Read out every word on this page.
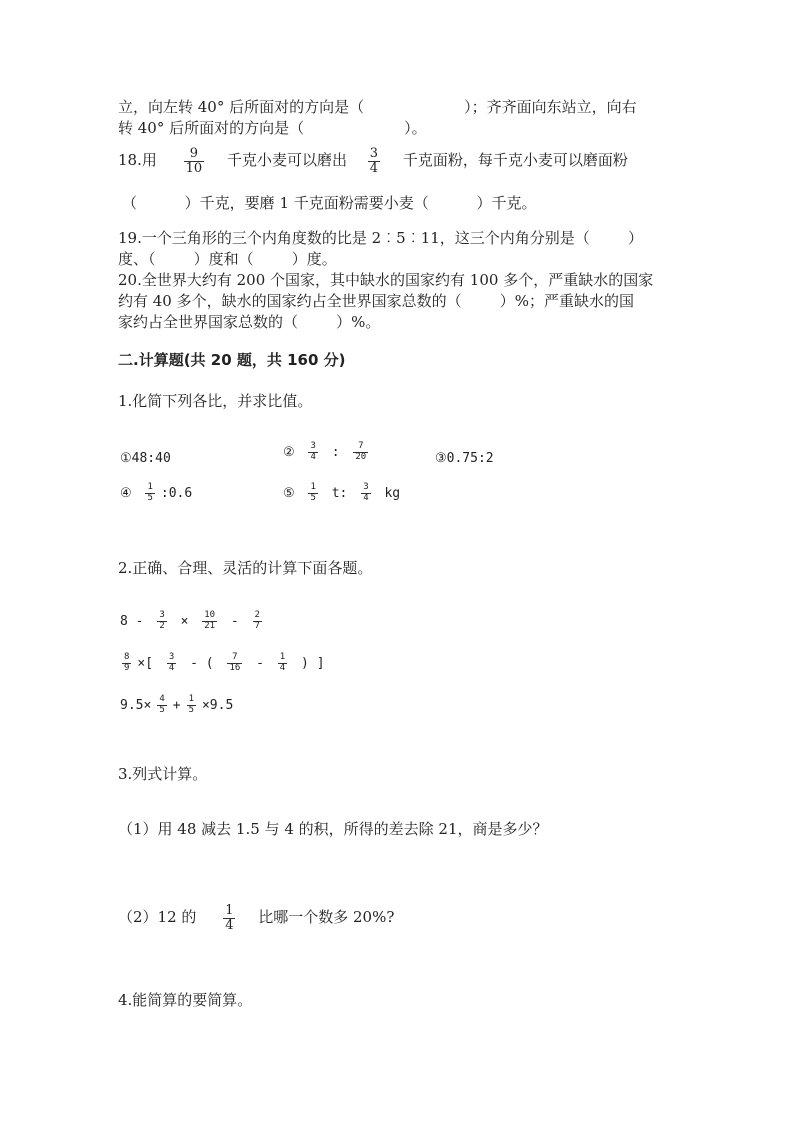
立，向左转 40° 后所面对的方向是（	）；齐齐面向东站立，向右
转 40° 后所面对的方向是（	）。
18.用 $\frac{9}{10}$ 千克小麦可以磨出 $\frac{3}{4}$ 千克面粉，每千克小麦可以磨面粉
（          ）千克，要磨 1 千克面粉需要小麦（          ）千克。
19.一个三角形的三个内角度数的比是 2︰5︰11，这三个内角分别是（        ）
度、（        ）度和（        ）度。
20.全世界大约有 200 个国家，其中缺水的国家约有 100 多个，严重缺水的国家
约有 40 多个，缺水的国家约占全世界国家总数的（        ）%；严重缺水的国
家约占全世界国家总数的（        ）%。
二.计算题(共 20 题，共 160 分)
1.化简下列各比，并求比值。
①48:40	② $\frac{3}{4}$ : $\frac{7}{20}$	③0.75:2
④ $\frac{1}{5}$ :0.6	⑤ $\frac{1}{5} t$: $\frac{3}{4}$ kg
2.正确、合理、灵活的计算下面各题。
$8 - \frac{3}{2} \times \frac{10}{21} - \frac{2}{7}$
$\frac{8}{9}$ ×[ $\frac{3}{4}$ - ( $\frac{7}{16} - \frac{1}{4}$ ) ]
$9.5\times \frac{4}{5} + \frac{1}{5} \times 9.5$
3.列式计算。
（1）用 48 减去 1.5 与 4 的积，所得的差去除 21，商是多少？
（2）12 的 $\frac{1}{4}$ 比哪一个数多 20%?
4.能简算的要简算。
